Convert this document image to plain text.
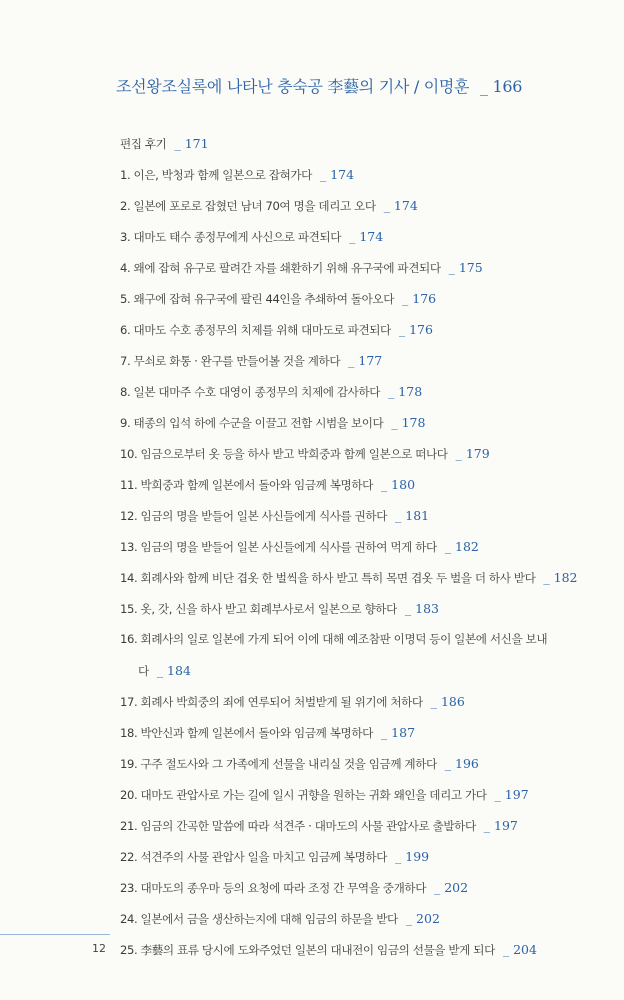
조선왕조실록에 나타난 충숙공 李藝의 기사 / 이명훈 _ 166
편집 후기 _ 171
1. 이은, 박청과 함께 일본으로 잡혀가다 _ 174
2. 일본에 포로로 잡혔던 남녀 70여 명을 데리고 오다 _ 174
3. 대마도 태수 종정무에게 사신으로 파견되다 _ 174
4. 왜에 잡혀 유구로 팔려간 자를 쇄환하기 위해 유구국에 파견되다 _ 175
5. 왜구에 잡혀 유구국에 팔린 44인을 추쇄하여 돌아오다 _ 176
6. 대마도 수호 종정무의 치제를 위해 대마도로 파견되다 _ 176
7. 무쇠로 화통 · 완구를 만들어볼 것을 계하다 _ 177
8. 일본 대마주 수호 대영이 종정무의 치제에 감사하다 _ 178
9. 태종의 입석 하에 수군을 이끌고 전함 시범을 보이다 _ 178
10. 임금으로부터 옷 등을 하사 받고 박희중과 함께 일본으로 떠나다 _ 179
11. 박희중과 함께 일본에서 돌아와 임금께 복명하다 _ 180
12. 임금의 명을 받들어 일본 사신들에게 식사를 권하다 _ 181
13. 임금의 명을 받들어 일본 사신들에게 식사를 권하여 먹게 하다 _ 182
14. 회례사와 함께 비단 겹옷 한 벌씩을 하사 받고 특히 목면 겹옷 두 벌을 더 하사 받다 _ 182
15. 옷, 갓, 신을 하사 받고 회례부사로서 일본으로 향하다 _ 183
16. 회례사의 일로 일본에 가게 되어 이에 대해 예조참판 이명덕 등이 일본에 서신을 보내
다 _ 184
17. 회례사 박희중의 죄에 연루되어 처벌받게 될 위기에 처하다 _ 186
18. 박안신과 함께 일본에서 돌아와 임금께 복명하다 _ 187
19. 구주 절도사와 그 가족에게 선물을 내리실 것을 임금께 계하다 _ 196
20. 대마도 관압사로 가는 길에 일시 귀향을 원하는 귀화 왜인을 데리고 가다 _ 197
21. 임금의 간곡한 말씀에 따라 석견주 · 대마도의 사물 관압사로 출발하다 _ 197
22. 석견주의 사물 관압사 일을 마치고 임금께 복명하다 _ 199
23. 대마도의 종우마 등의 요청에 따라 조정 간 무역을 중개하다 _ 202
24. 일본에서 금을 생산하는지에 대해 임금의 하문을 받다 _ 202
25. 李藝의 표류 당시에 도와주었던 일본의 대내전이 임금의 선물을 받게 되다 _ 204
12
